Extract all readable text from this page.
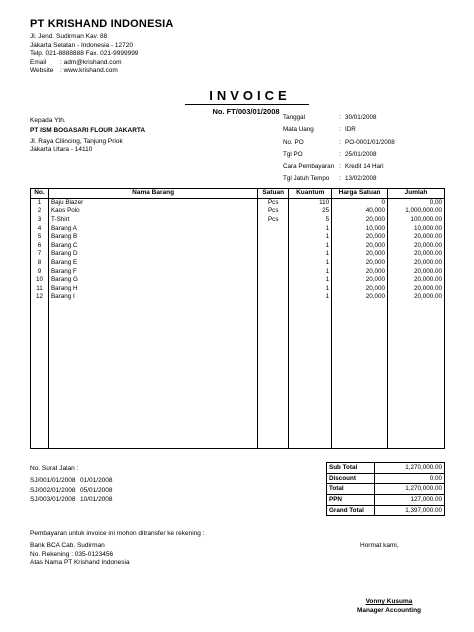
PT KRISHAND INDONESIA
Jl. Jend. Sudirman Kav. 88
Jakarta Selatan - Indonesia - 12720
Telp. 021-8888888 Fax. 021-9999999
Email : adm@krishand.com
Website : www.krishand.com
INVOICE
No. FT/003/01/2008
Kepada Yth.
PT ISM BOGASARI FLOUR JAKARTA
Jl. Raya Cilincing, Tanjung Priok
Jakarta Utara - 14110
Tanggal	: 30/01/2008
Mata Uang	: IDR
No. PO	: PO-0001/01/2008
Tgl PO	: 25/01/2008
Cara Pembayaran : Kredit 14 Hari
Tgl Jatuh Tempo : 13/02/2008
No.	Nama Barang	Satuan	Kuantum	Harga Satuan	Jumlah
1	Baju Blazer	Pcs	110	0	0,00
2	Kaos Polo	Pcs	25	40,000	1,000,000.00
3	T-Shirt	Pcs	5	20,000	100,000.00
4	Barang A		1	10,000	10,000.00
5	Barang B		1	20,000	20,000.00
6	Barang C		1	20,000	20,000.00
7	Barang D		1	20,000	20,000.00
8	Barang E		1	20,000	20,000.00
9	Barang F		1	20,000	20,000.00
10	Barang G		1	20,000	20,000.00
11	Barang H		1	20,000	20,000.00
12	Barang I		1	20,000	20,000.00

No. Surat Jalan :
SJ/001/01/2008 01/01/2008
SJ/002/01/2008 05/01/2008
SJ/003/01/2008 10/01/2008
Sub Total	1,270,000.00
Discount	0.00
Total	1,270,000.00
PPN	127,000.00
Grand Total	1,397,000.00
Pembayaran untuk invoice ini mohon ditransfer ke rekening :
Bank BCA Cab. Sudirman
No. Rekening : 035-0123456
Atas Nama PT Krishand Indonesia
Hormat kami,
Vonny Kusuma
Manager Accounting
